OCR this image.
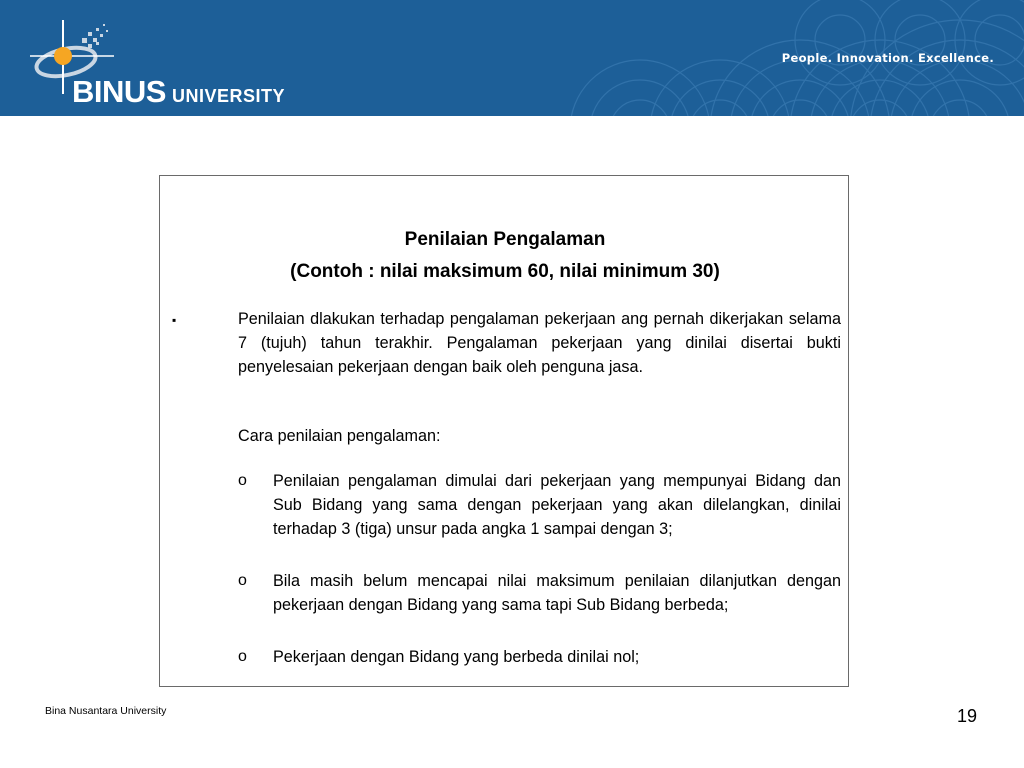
BINUS UNIVERSITY
People. Innovation. Excellence.
Penilaian Pengalaman
(Contoh : nilai maksimum 60, nilai minimum 30)
▪	Penilaian dlakukan terhadap pengalaman pekerjaan ang pernah dikerjakan selama 7 (tujuh) tahun terakhir. Pengalaman pekerjaan yang dinilai disertai bukti penyelesaian pekerjaan dengan baik oleh penguna jasa.
Cara penilaian pengalaman:
o Penilaian pengalaman dimulai dari pekerjaan yang mempunyai Bidang dan Sub Bidang yang sama dengan pekerjaan yang akan dilelangkan, dinilai terhadap 3 (tiga) unsur pada angka 1 sampai dengan 3;
o Bila masih belum mencapai nilai maksimum penilaian dilanjutkan dengan pekerjaan dengan Bidang yang sama tapi Sub Bidang berbeda;
o Pekerjaan dengan Bidang yang berbeda dinilai nol;
Bina Nusantara University	19
